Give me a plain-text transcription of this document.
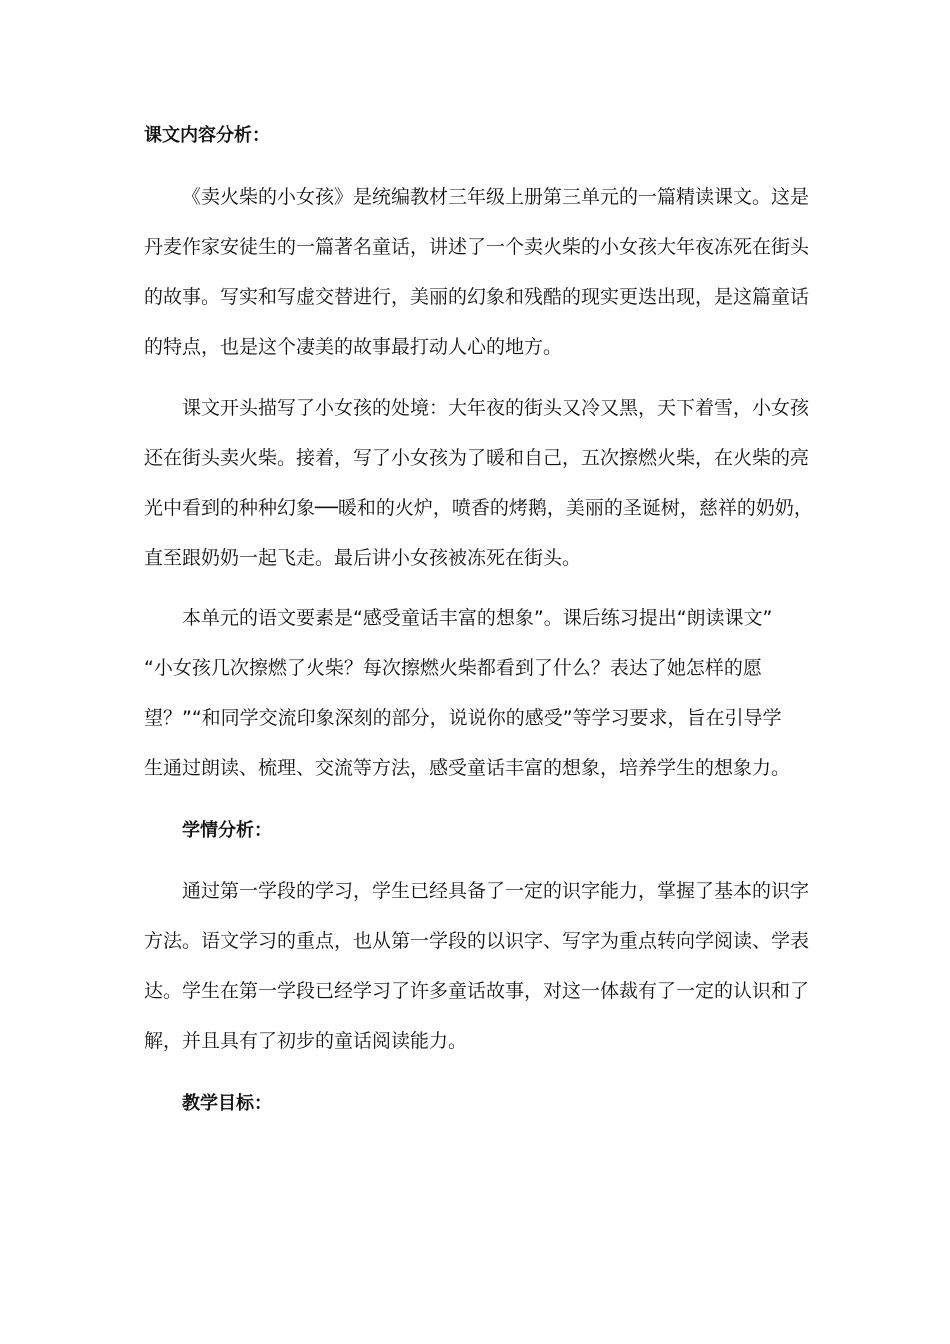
课文内容分析：
《卖火柴的小女孩》是统编教材三年级上册第三单元的一篇精读课文。这是
丹麦作家安徒生的一篇著名童话，讲述了一个卖火柴的小女孩大年夜冻死在街头
的故事。写实和写虚交替进行，美丽的幻象和残酷的现实更迭出现，是这篇童话
的特点，也是这个凄美的故事最打动人心的地方。
课文开头描写了小女孩的处境：大年夜的街头又冷又黑，天下着雪，小女孩
还在街头卖火柴。接着，写了小女孩为了暖和自己，五次擦燃火柴，在火柴的亮
光中看到的种种幻象──暖和的火炉，喷香的烤鹅，美丽的圣诞树，慈祥的奶奶，
直至跟奶奶一起飞走。最后讲小女孩被冻死在街头。
本单元的语文要素是“感受童话丰富的想象”。课后练习提出“朗读课文”
“小女孩几次擦燃了火柴？每次擦燃火柴都看到了什么？表达了她怎样的愿
望？”“和同学交流印象深刻的部分，说说你的感受”等学习要求，旨在引导学
生通过朗读、梳理、交流等方法，感受童话丰富的想象，培养学生的想象力。
学情分析：
通过第一学段的学习，学生已经具备了一定的识字能力，掌握了基本的识字
方法。语文学习的重点，也从第一学段的以识字、写字为重点转向学阅读、学表
达。学生在第一学段已经学习了许多童话故事，对这一体裁有了一定的认识和了
解，并且具有了初步的童话阅读能力。
教学目标：
